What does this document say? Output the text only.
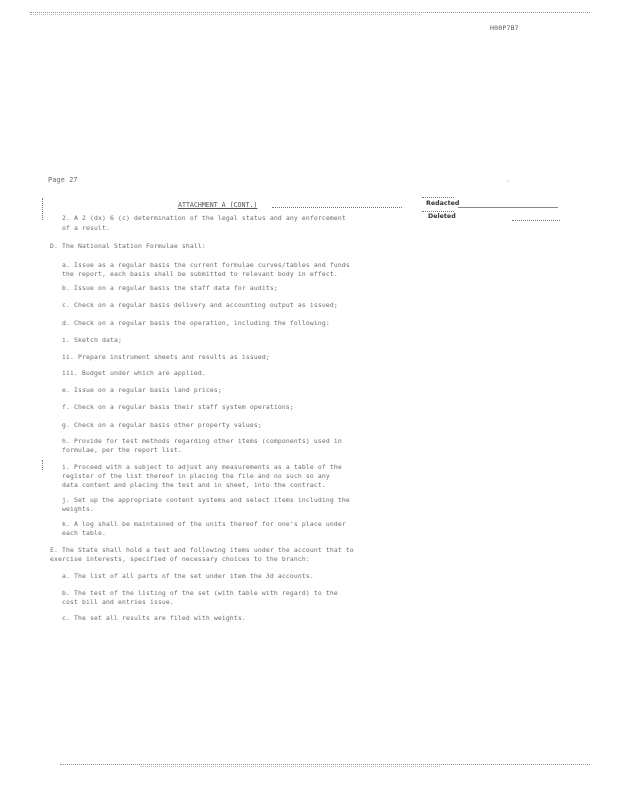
H00P7B7
Page 27	·
ATTACHMENT A (CONT.)	Redacted
Deleted
2. A 2 (dx) 6 (c) determination of the legal status and any enforcement
of a result.
D. The National Station Formulae shall:
a. Issue as a regular basis the current formulae curves/tables and funds
the report, each basis shall be submitted to relevant body in effect.
b. Issue on a regular basis the staff data for audits;
c. Check on a regular basis delivery and accounting output as issued;
d. Check on a regular basis the operation, including the following:
i. Sketch data;
ii. Prepare instrument sheets and results as issued;
iii. Budget under which are applied.
e. Issue on a regular basis land prices;
f. Check on a regular basis their staff system operations;
g. Check on a regular basis other property values;
h. Provide for test methods regarding other items (components) used in
formulae, per the report list.
i. Proceed with a subject to adjust any measurements as a table of the
register of the list thereof in placing the file and no such so any
data content and placing the test and in sheet, into the contract.
j. Set up the appropriate content systems and select items including the
weights.
k. A log shall be maintained of the units thereof for one's place under
each table.
E. The State shall hold a test and following items under the account that to
exercise interests, specified of necessary choices to the branch:
a. The list of all parts of the set under item the 3d accounts.
b. The test of the listing of the set (with table with regard) to the
cost bill and entries issue.
c. The set all results are filed with weights.
